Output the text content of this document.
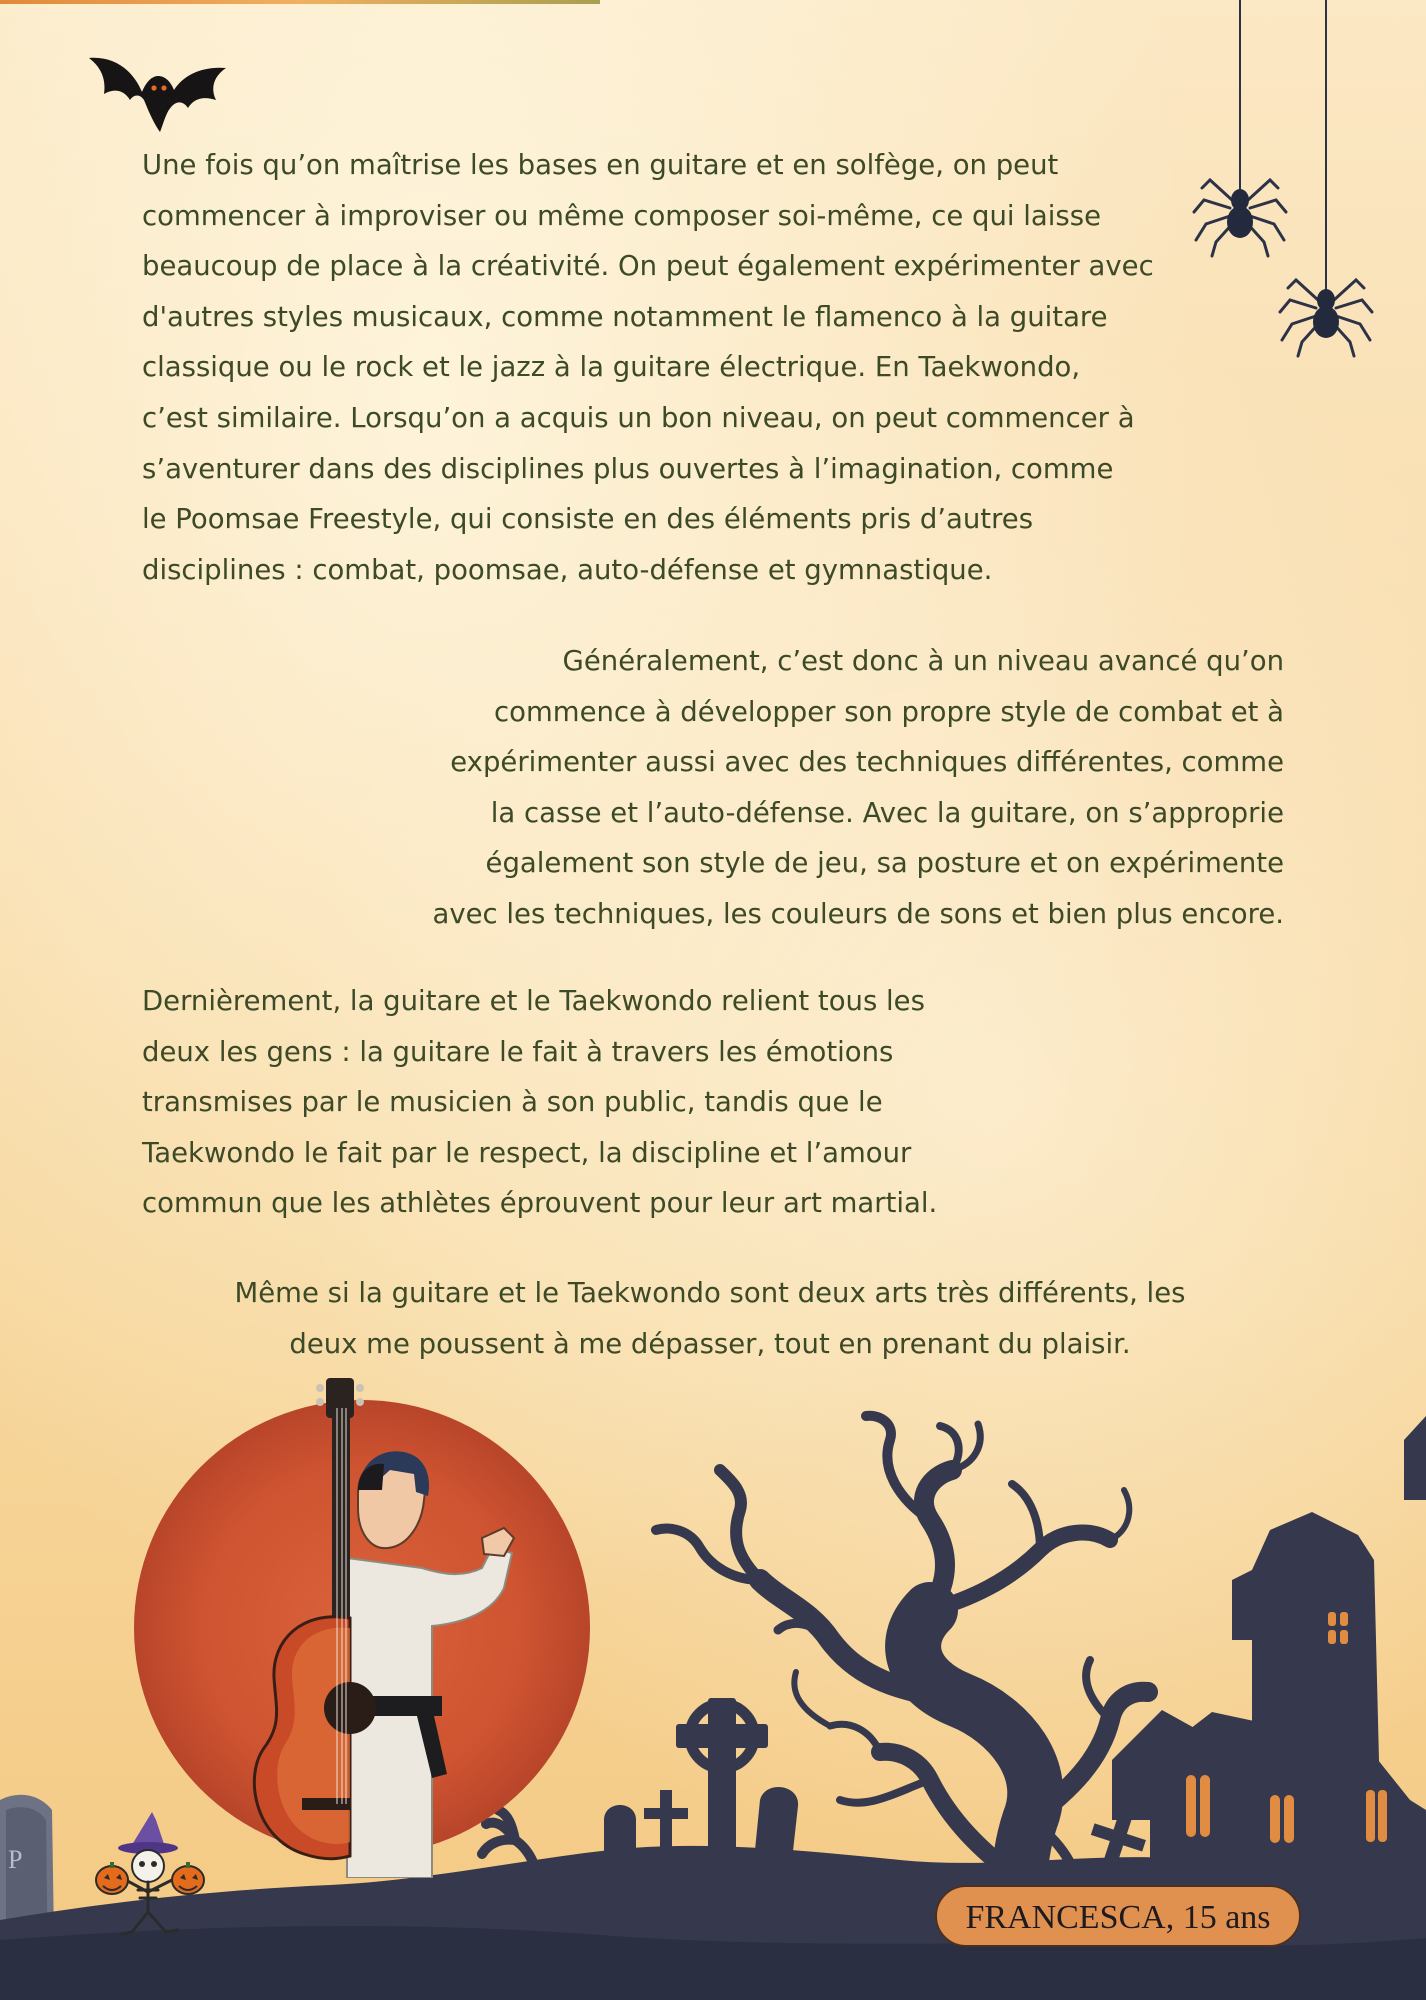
Une fois qu’on maîtrise les bases en guitare et en solfège, on peut
commencer à improviser ou même composer soi-même, ce qui laisse
beaucoup de place à la créativité. On peut également expérimenter avec
d'autres styles musicaux, comme notamment le flamenco à la guitare
classique ou le rock et le jazz à la guitare électrique. En Taekwondo,
c’est similaire. Lorsqu’on a acquis un bon niveau, on peut commencer à
s’aventurer dans des disciplines plus ouvertes à l’imagination, comme
le Poomsae Freestyle, qui consiste en des éléments pris d’autres
disciplines : combat, poomsae, auto-défense et gymnastique.

Généralement, c’est donc à un niveau avancé qu’on
commence à développer son propre style de combat et à
expérimenter aussi avec des techniques différentes, comme
la casse et l’auto-défense. Avec la guitare, on s’approprie
également son style de jeu, sa posture et on expérimente
avec les techniques, les couleurs de sons et bien plus encore.

Dernièrement, la guitare et le Taekwondo relient tous les
deux les gens : la guitare le fait à travers les émotions
transmises par le musicien à son public, tandis que le
Taekwondo le fait par le respect, la discipline et l’amour
commun que les athlètes éprouvent pour leur art martial.

Même si la guitare et le Taekwondo sont deux arts très différents, les
deux me poussent à me dépasser, tout en prenant du plaisir.

P
FRANCESCA, 15 ans
